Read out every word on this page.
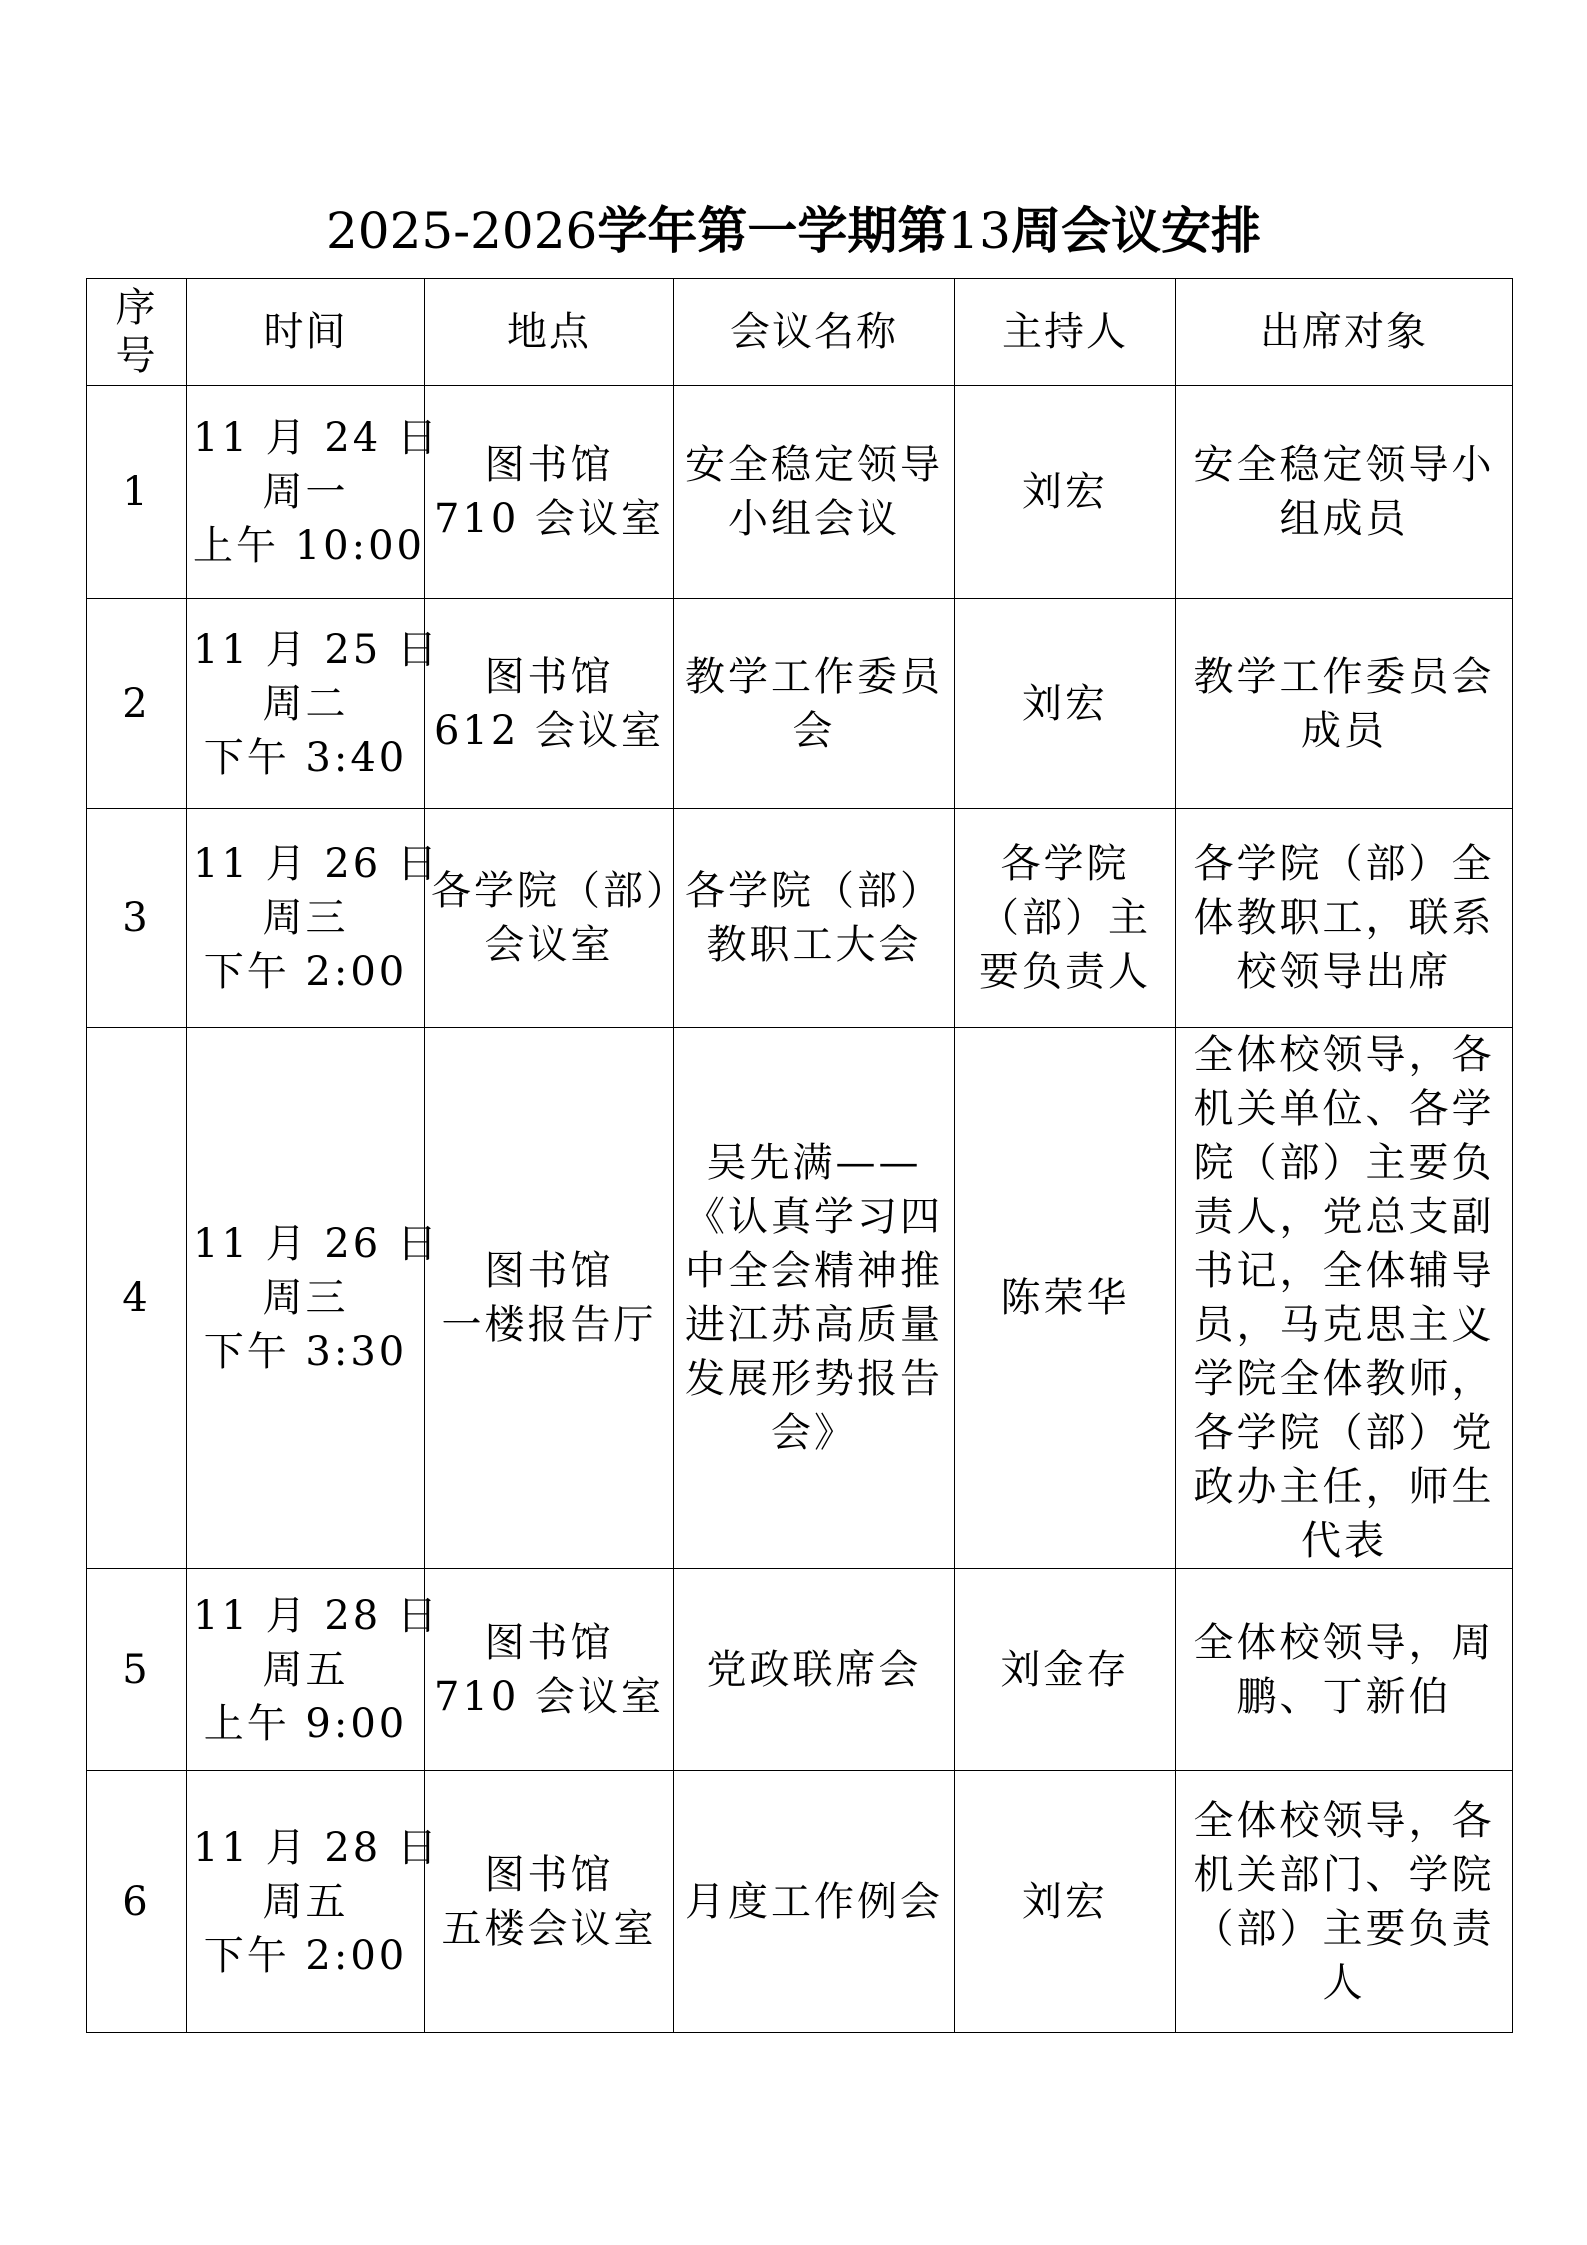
2025-2026学年第一学期第13周会议安排
序
号	时间	地点	会议名称	主持人	出席对象
1	11 月 24 日
周一
上午 10:00	图书馆
710 会议室	安全稳定领导小组会议	刘宏	安全稳定领导小组成员

2	11 月 25 日
周二
下午 3:40	图书馆
612 会议室	教学工作委员会	刘宏	教学工作委员会成员

3	11 月 26 日
周三
下午 2:00	各学院（部）
会议室	各学院（部）教职工大会	各学院（部）主要负责人	各学院（部）全体教职工，联系校领导出席

4	11 月 26 日
周三
下午 3:30	图书馆
一楼报告厅	吴先满——《认真学习四中全会精神推进江苏高质量发展形势报告会》	陈荣华	全体校领导，各机关单位、各学院（部）主要负责人，党总支副书记，全体辅导员，马克思主义学院全体教师，各学院（部）党政办主任，师生代表

5	11 月 28 日
周五
上午 9:00	图书馆
710 会议室	党政联席会	刘金存	全体校领导，周鹏、丁新伯

6	11 月 28 日
周五
下午 2:00	图书馆
五楼会议室	月度工作例会	刘宏	全体校领导，各机关部门、学院（部）主要负责人
